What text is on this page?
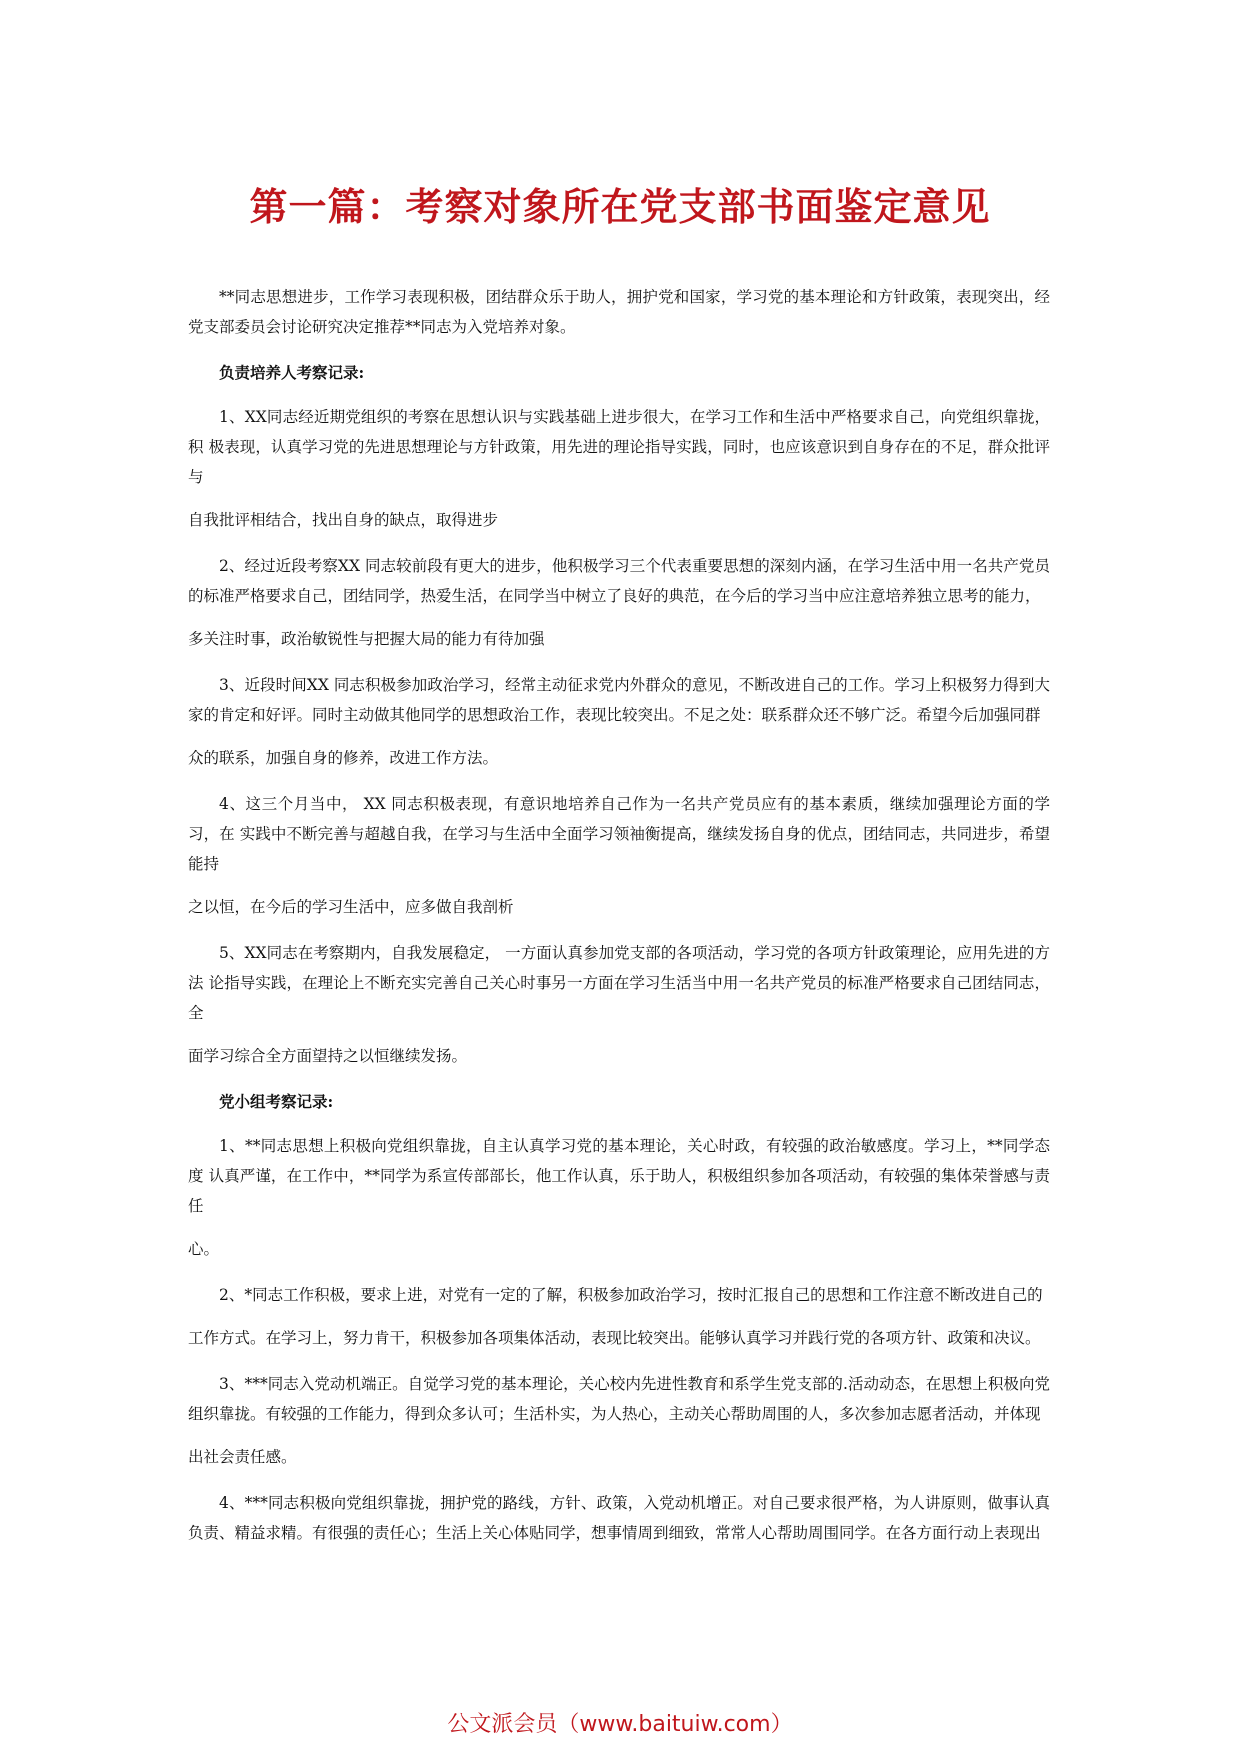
第一篇：考察对象所在党支部书面鉴定意见

**同志思想进步，工作学习表现积极，团结群众乐于助人，拥护党和国家，学习党的基本理论和方针政策，表现突出，经 党支部委员会讨论研究决定推荐**同志为入党培养对象。

负责培养人考察记录:

1、XX同志经近期党组织的考察在思想认识与实践基础上进步很大，在学习工作和生活中严格要求自己，向党组织靠拢，积 极表现，认真学习党的先进思想理论与方针政策，用先进的理论指导实践，同时，也应该意识到自身存在的不足，群众批评与

自我批评相结合，找出自身的缺点，取得进步

2、经过近段考察XX 同志较前段有更大的进步，他积极学习三个代表重要思想的深刻内涵，在学习生活中用一名共产党员 的标准严格要求自己，团结同学，热爱生活，在同学当中树立了良好的典范，在今后的学习当中应注意培养独立思考的能力，

多关注时事，政治敏锐性与把握大局的能力有待加强

3、近段时间XX 同志积极参加政治学习，经常主动征求党内外群众的意见，不断改进自己的工作。学习上积极努力得到大 家的肯定和好评。同时主动做其他同学的思想政治工作，表现比较突出。不足之处：联系群众还不够广泛。希望今后加强同群

众的联系，加强自身的修养，改进工作方法。

4、这三个月当中， XX 同志积极表现，有意识地培养自己作为一名共产党员应有的基本素质，继续加强理论方面的学习，在 实践中不断完善与超越自我，在学习与生活中全面学习领袖衡提高，继续发扬自身的优点，团结同志，共同进步，希望能持

之以恒，在今后的学习生活中，应多做自我剖析

5、XX同志在考察期内，自我发展稳定， 一方面认真参加党支部的各项活动，学习党的各项方针政策理论，应用先进的方法 论指导实践，在理论上不断充实完善自己关心时事另一方面在学习生活当中用一名共产党员的标准严格要求自己团结同志，全

面学习综合全方面望持之以恒继续发扬。

党小组考察记录:

1、**同志思想上积极向党组织靠拢，自主认真学习党的基本理论，关心时政，有较强的政治敏感度。学习上，**同学态度 认真严谨，在工作中，**同学为系宣传部部长，他工作认真，乐于助人，积极组织参加各项活动，有较强的集体荣誉感与责任

心。

2、*同志工作积极，要求上进，对党有一定的了解，积极参加政治学习，按时汇报自己的思想和工作注意不断改进自己的

工作方式。在学习上，努力肯干，积极参加各项集体活动，表现比较突出。能够认真学习并践行党的各项方针、政策和决议。

3、***同志入党动机端正。自觉学习党的基本理论，关心校内先进性教育和系学生党支部的.活动动态，在思想上积极向党 组织靠拢。有较强的工作能力，得到众多认可；生活朴实，为人热心，主动关心帮助周围的人，多次参加志愿者活动，并体现

出社会责任感。

4、***同志积极向党组织靠拢，拥护党的路线，方针、政策，入党动机增正。对自己要求很严格，为人讲原则，做事认真 负责、精益求精。有很强的责任心；生活上关心体贴同学，想事情周到细致，常常人心帮助周围同学。在各方面行动上表现出

公文派会员（www.baituiw.com）
